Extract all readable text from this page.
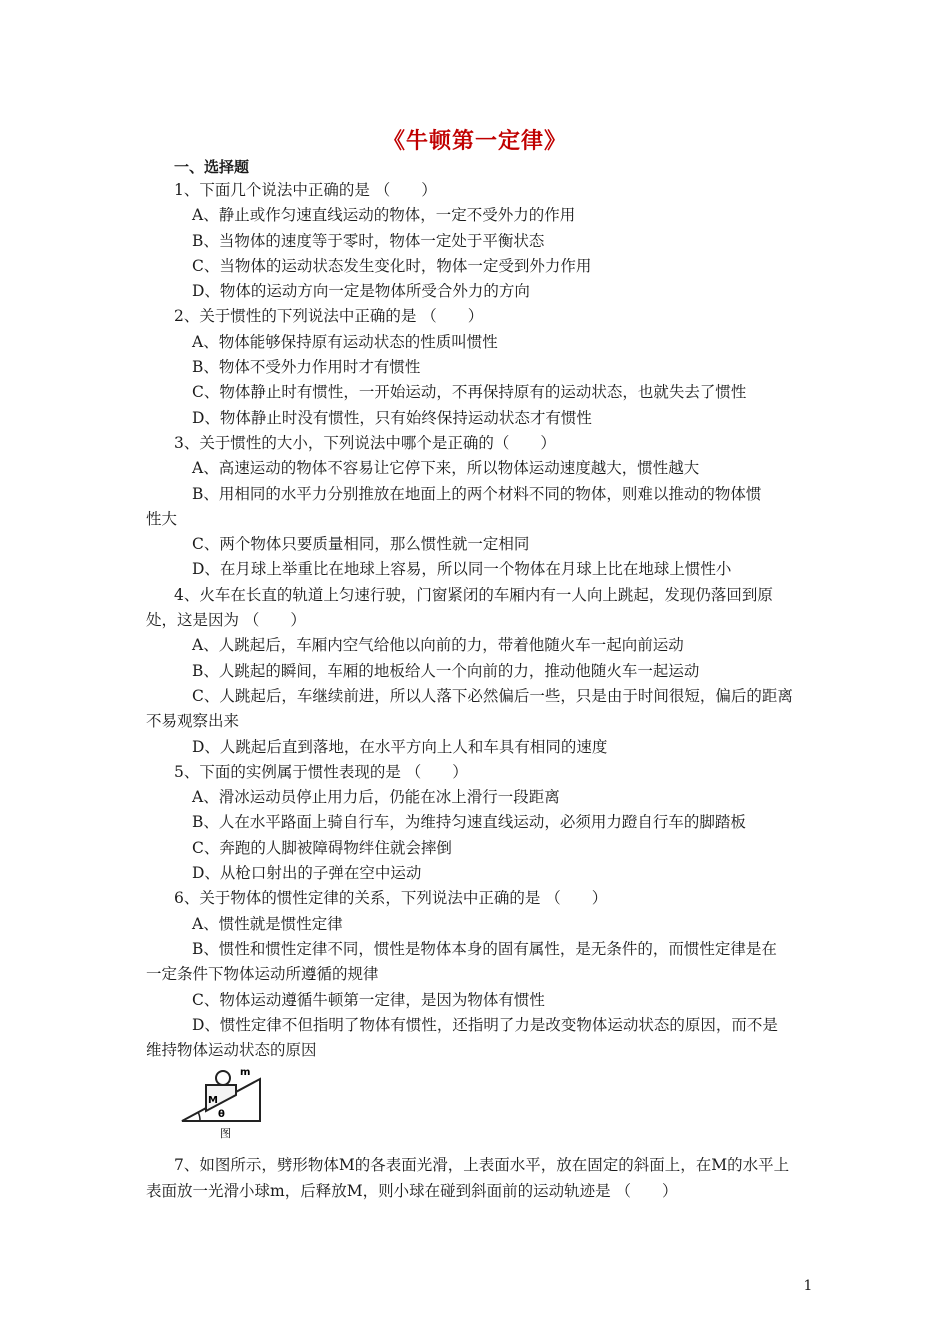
《牛顿第一定律》
一、选择题
1、下面几个说法中正确的是 （　　）
A、静止或作匀速直线运动的物体，一定不受外力的作用
B、当物体的速度等于零时，物体一定处于平衡状态
C、当物体的运动状态发生变化时，物体一定受到外力作用
D、物体的运动方向一定是物体所受合外力的方向
2、关于惯性的下列说法中正确的是 （　　）
A、物体能够保持原有运动状态的性质叫惯性
B、物体不受外力作用时才有惯性
C、物体静止时有惯性，一开始运动，不再保持原有的运动状态，也就失去了惯性
D、物体静止时没有惯性，只有始终保持运动状态才有惯性
3、关于惯性的大小，下列说法中哪个是正确的（　　）
A、高速运动的物体不容易让它停下来，所以物体运动速度越大，惯性越大
B、用相同的水平力分别推放在地面上的两个材料不同的物体，则难以推动的物体惯
性大
C、两个物体只要质量相同，那么惯性就一定相同
D、在月球上举重比在地球上容易，所以同一个物体在月球上比在地球上惯性小
4、火车在长直的轨道上匀速行驶，门窗紧闭的车厢内有一人向上跳起，发现仍落回到原
处，这是因为 （　　）
A、人跳起后，车厢内空气给他以向前的力，带着他随火车一起向前运动
B、人跳起的瞬间，车厢的地板给人一个向前的力，推动他随火车一起运动
C、人跳起后，车继续前进，所以人落下必然偏后一些，只是由于时间很短，偏后的距离
不易观察出来
D、人跳起后直到落地，在水平方向上人和车具有相同的速度
5、下面的实例属于惯性表现的是 （　　）
A、滑冰运动员停止用力后，仍能在冰上滑行一段距离
B、人在水平路面上骑自行车，为维持匀速直线运动，必须用力蹬自行车的脚踏板
C、奔跑的人脚被障碍物绊住就会摔倒
D、从枪口射出的子弹在空中运动
6、关于物体的惯性定律的关系，下列说法中正确的是 （　　）
A、惯性就是惯性定律
B、惯性和惯性定律不同，惯性是物体本身的固有属性，是无条件的，而惯性定律是在
一定条件下物体运动所遵循的规律
C、物体运动遵循牛顿第一定律，是因为物体有惯性
D、惯性定律不但指明了物体有惯性，还指明了力是改变物体运动状态的原因，而不是
维持物体运动状态的原因
m
M
θ
图
7、如图所示，劈形物体M的各表面光滑，上表面水平，放在固定的斜面上，在M的水平上
表面放一光滑小球m，后释放M，则小球在碰到斜面前的运动轨迹是 （　　）
1
